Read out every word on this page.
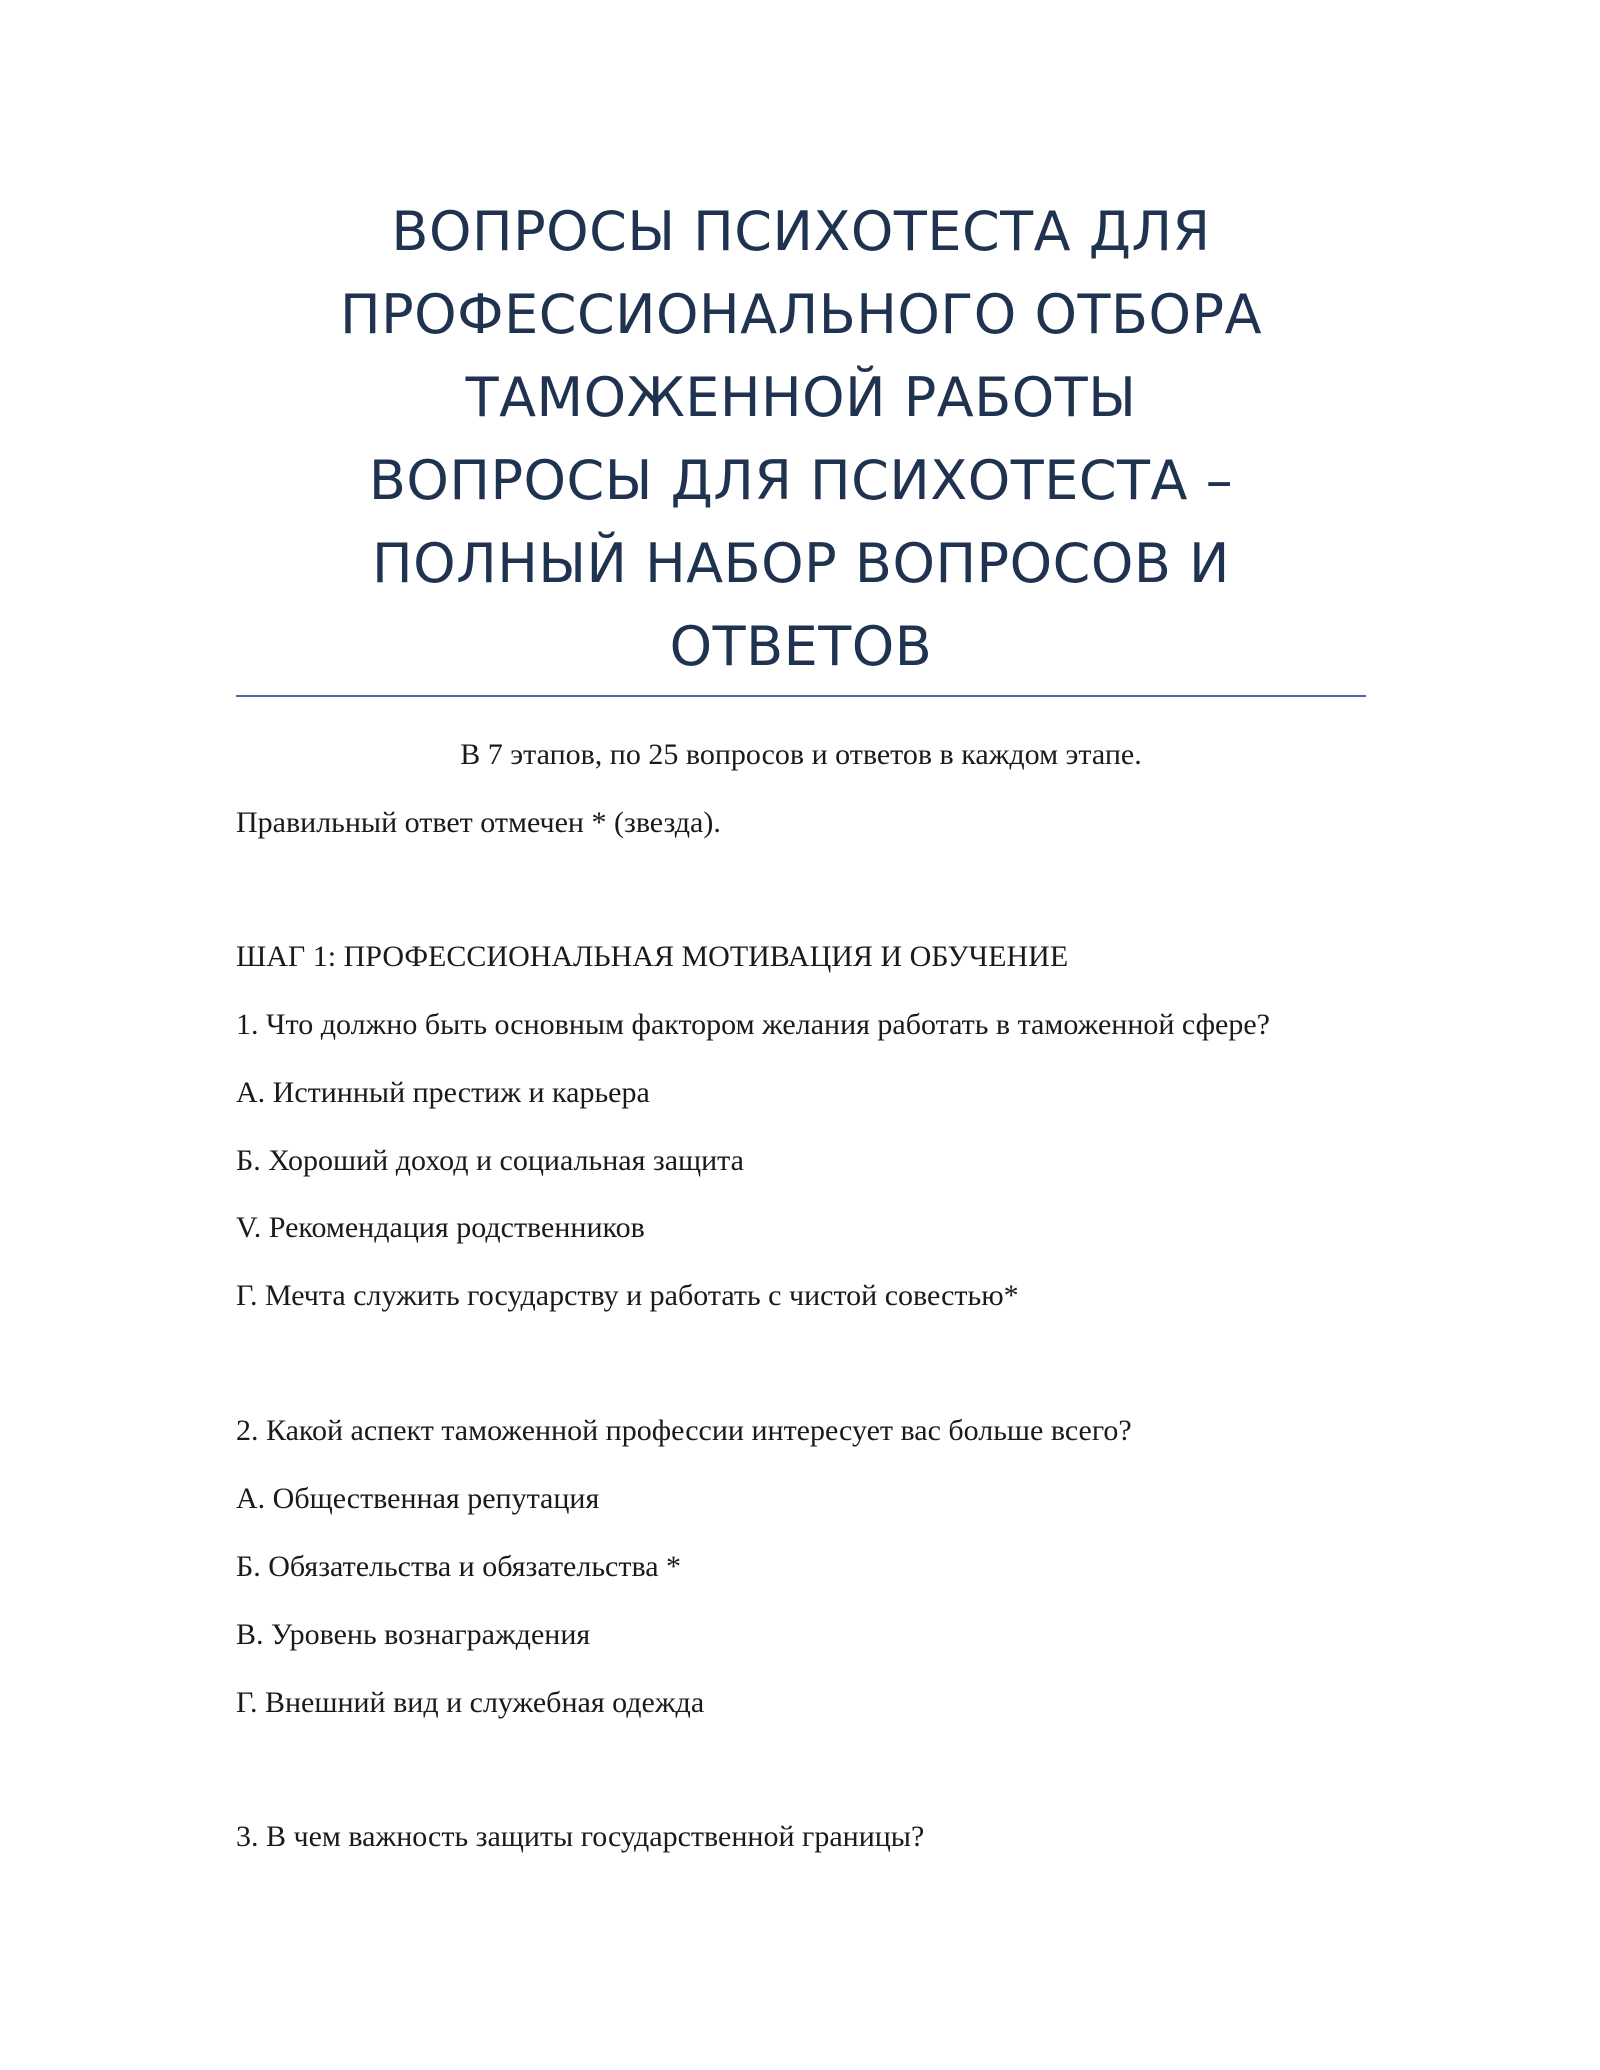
ВОПРОСЫ ПСИХОТЕСТА ДЛЯ
ПРОФЕССИОНАЛЬНОГО ОТБОРА
ТАМОЖЕННОЙ РАБОТЫ
ВОПРОСЫ ДЛЯ ПСИХОТЕСТА –
ПОЛНЫЙ НАБОР ВОПРОСОВ И
ОТВЕТОВ
В 7 этапов, по 25 вопросов и ответов в каждом этапе.
Правильный ответ отмечен * (звезда).
ШАГ 1: ПРОФЕССИОНАЛЬНАЯ МОТИВАЦИЯ И ОБУЧЕНИЕ
1. Что должно быть основным фактором желания работать в таможенной сфере?
А. Истинный престиж и карьера
Б. Хороший доход и социальная защита
V. Рекомендация родственников
Г. Мечта служить государству и работать с чистой совестью*
2. Какой аспект таможенной профессии интересует вас больше всего?
А. Общественная репутация
Б. Обязательства и обязательства *
В. Уровень вознаграждения
Г. Внешний вид и служебная одежда
3. В чем важность защиты государственной границы?
